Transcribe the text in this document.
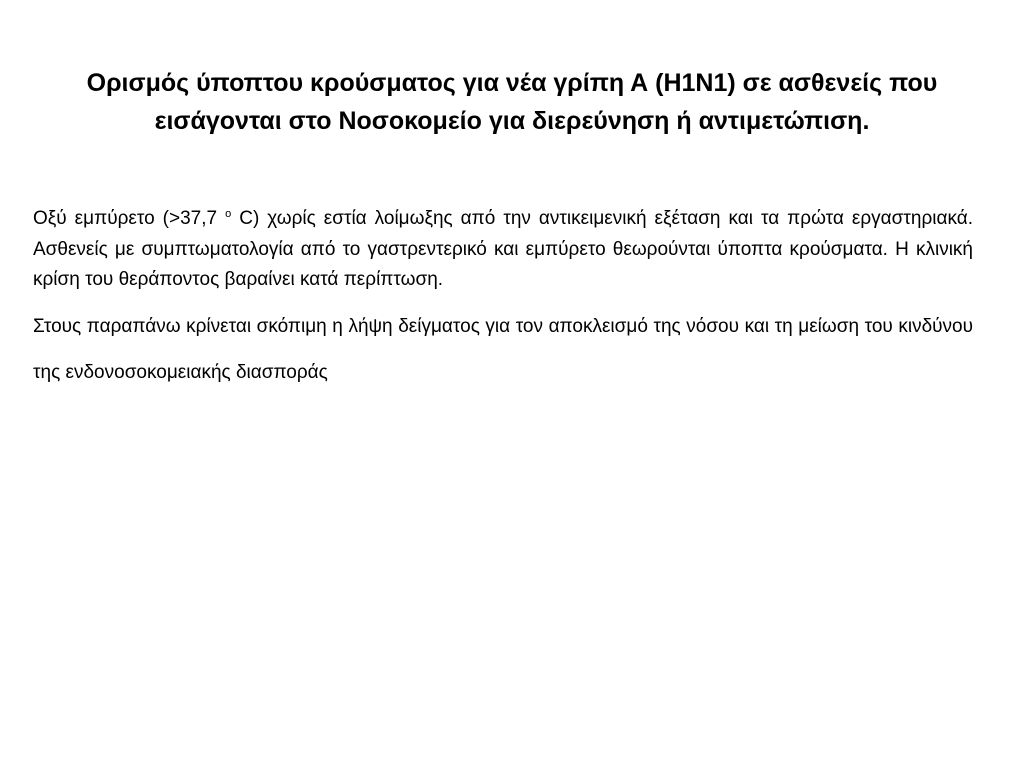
Ορισμός ύποπτου κρούσματος για νέα γρίπη Α (H1N1) σε ασθενείς που εισάγονται στο Νοσοκομείο για διερεύνηση ή αντιμετώπιση.

Οξύ εμπύρετο (>37,7 $^o$ C) χωρίς εστία λοίμωξης από την αντικειμενική εξέταση και τα πρώτα εργαστηριακά. Ασθενείς με συμπτωματολογία από το γαστρεντερικό και εμπύρετο θεωρούνται ύποπτα κρούσματα. Η κλινική κρίση του θεράποντος βαραίνει κατά περίπτωση.

Στους παραπάνω κρίνεται σκόπιμη η λήψη δείγματος για τον αποκλεισμό της νόσου και τη μείωση του κινδύνου της ενδονοσοκομειακής διασποράς
